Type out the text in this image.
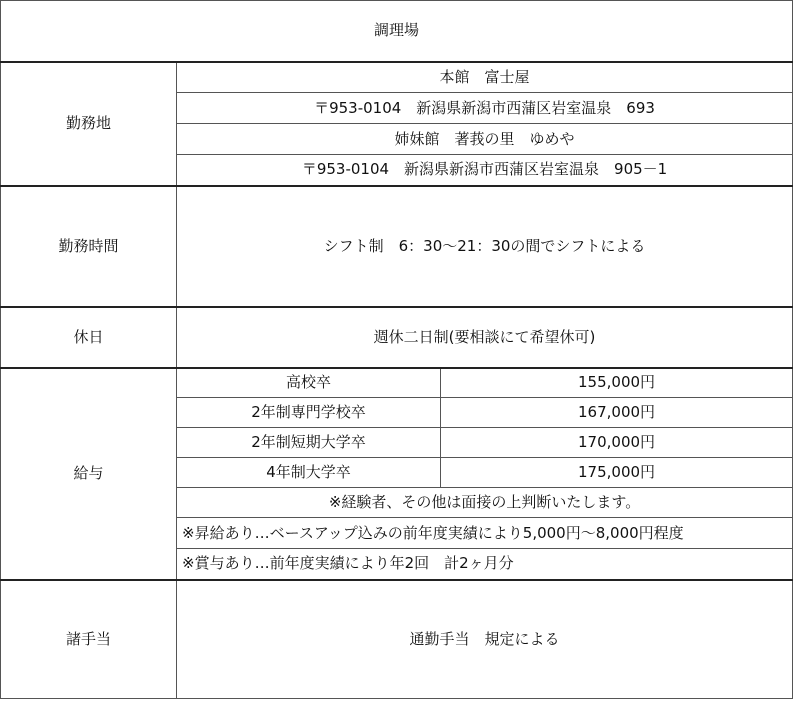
調理場		
勤務地	本館　富士屋	
	〒953-0104　新潟県新潟市西蒲区岩室温泉　693	
	姉妹館　著莪の里　ゆめや	
	〒953-0104　新潟県新潟市西蒲区岩室温泉　905－1	
勤務時間	シフト制　6：30～21：30の間でシフトによる	
休日	週休二日制(要相談にて希望休可)	
給与	高校卒	155,000円
	2年制専門学校卒	167,000円
	2年制短期大学卒	170,000円
	4年制大学卒	175,000円
	※経験者、その他は面接の上判断いたします。	
	※昇給あり…ベースアップ込みの前年度実績により5,000円～8,000円程度	
	※賞与あり…前年度実績により年2回　計2ヶ月分	
諸手当	通勤手当　規定による	
